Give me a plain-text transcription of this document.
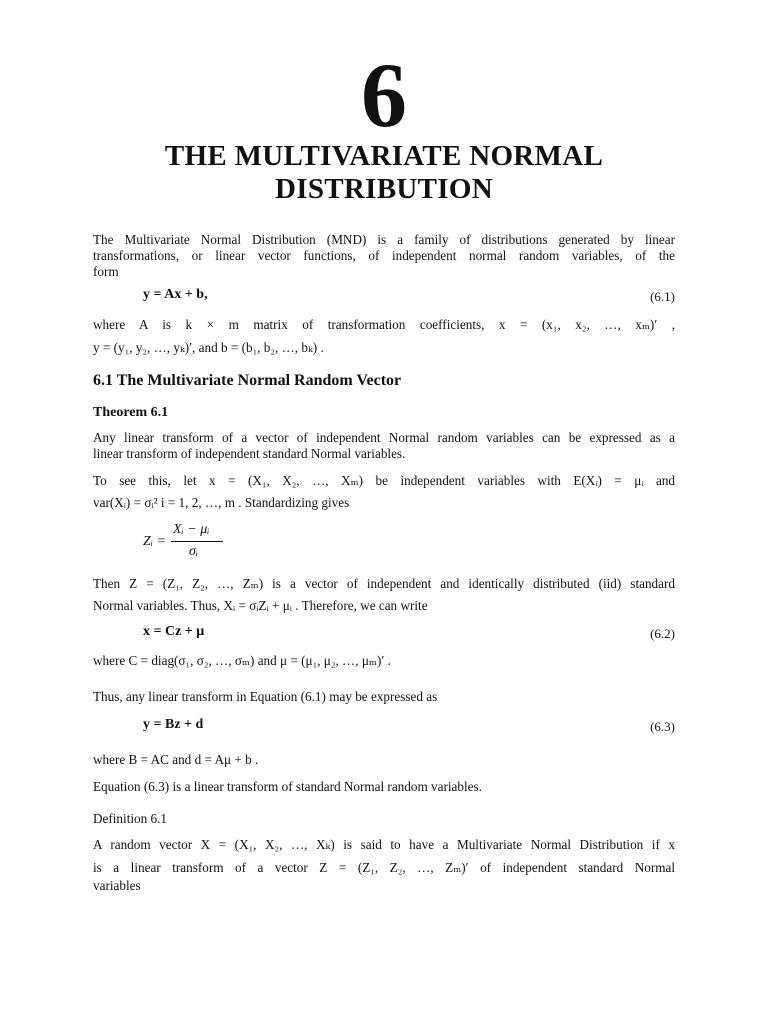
6
THE MULTIVARIATE NORMAL
DISTRIBUTION
The Multivariate Normal Distribution (MND) is a family of distributions generated by linear
transformations, or linear vector functions, of independent normal random variables, of the
form
y = Ax + b,	(6.1)
where A is k × m matrix of transformation coefficients, x = (x₁, x₂, …, xₘ)′ ,
y = (y₁, y₂, …, yₖ)′, and b = (b₁, b₂, …, bₖ) .
6.1 The Multivariate Normal Random Vector
Theorem 6.1
Any linear transform of a vector of independent Normal random variables can be expressed as a
linear transform of independent standard Normal variables.
To see this, let x = (X₁, X₂, …, Xₘ) be independent variables with E(Xᵢ) = μᵢ and
var(Xᵢ) = σᵢ² i = 1, 2, …, m . Standardizing gives
Zᵢ =
Xᵢ − μᵢ
σᵢ
Then Z = (Z₁, Z₂, …, Zₘ) is a vector of independent and identically distributed (iid) standard
Normal variables. Thus, Xᵢ = σᵢZᵢ + μᵢ . Therefore, we can write
x = Cz + μ	(6.2)
where C = diag(σ₁, σ₂, …, σₘ) and μ = (μ₁, μ₂, …, μₘ)′ .
Thus, any linear transform in Equation (6.1) may be expressed as
y = Bz + d	(6.3)
where B = AC and d = Aμ + b .
Equation (6.3) is a linear transform of standard Normal random variables.
Definition 6.1
A random vector X = (X₁, X₂, …, Xₖ) is said to have a Multivariate Normal Distribution if x
is a linear transform of a vector Z = (Z₁, Z₂, …, Zₘ)′ of independent standard Normal
variables
